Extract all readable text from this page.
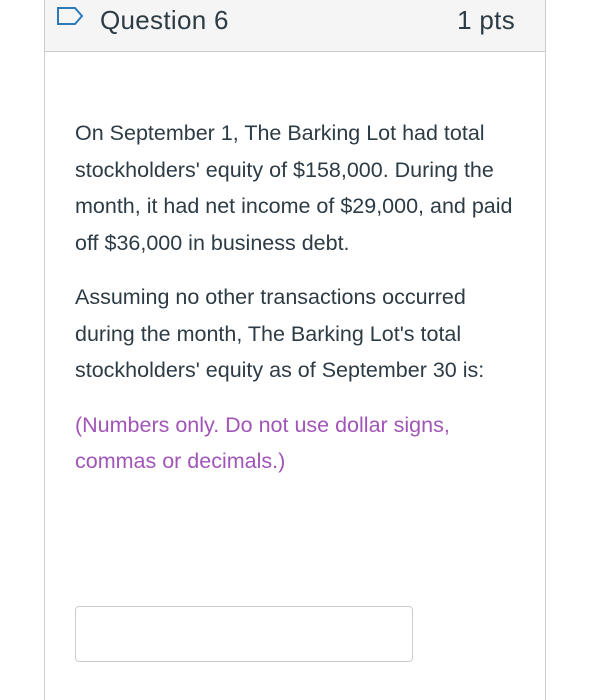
Question 6	1 pts

On September 1, The Barking Lot had total stockholders' equity of $158,000. During the month, it had net income of $29,000, and paid off $36,000 in business debt.

Assuming no other transactions occurred during the month, The Barking Lot's total stockholders' equity as of September 30 is:

(Numbers only. Do not use dollar signs, commas or decimals.)
